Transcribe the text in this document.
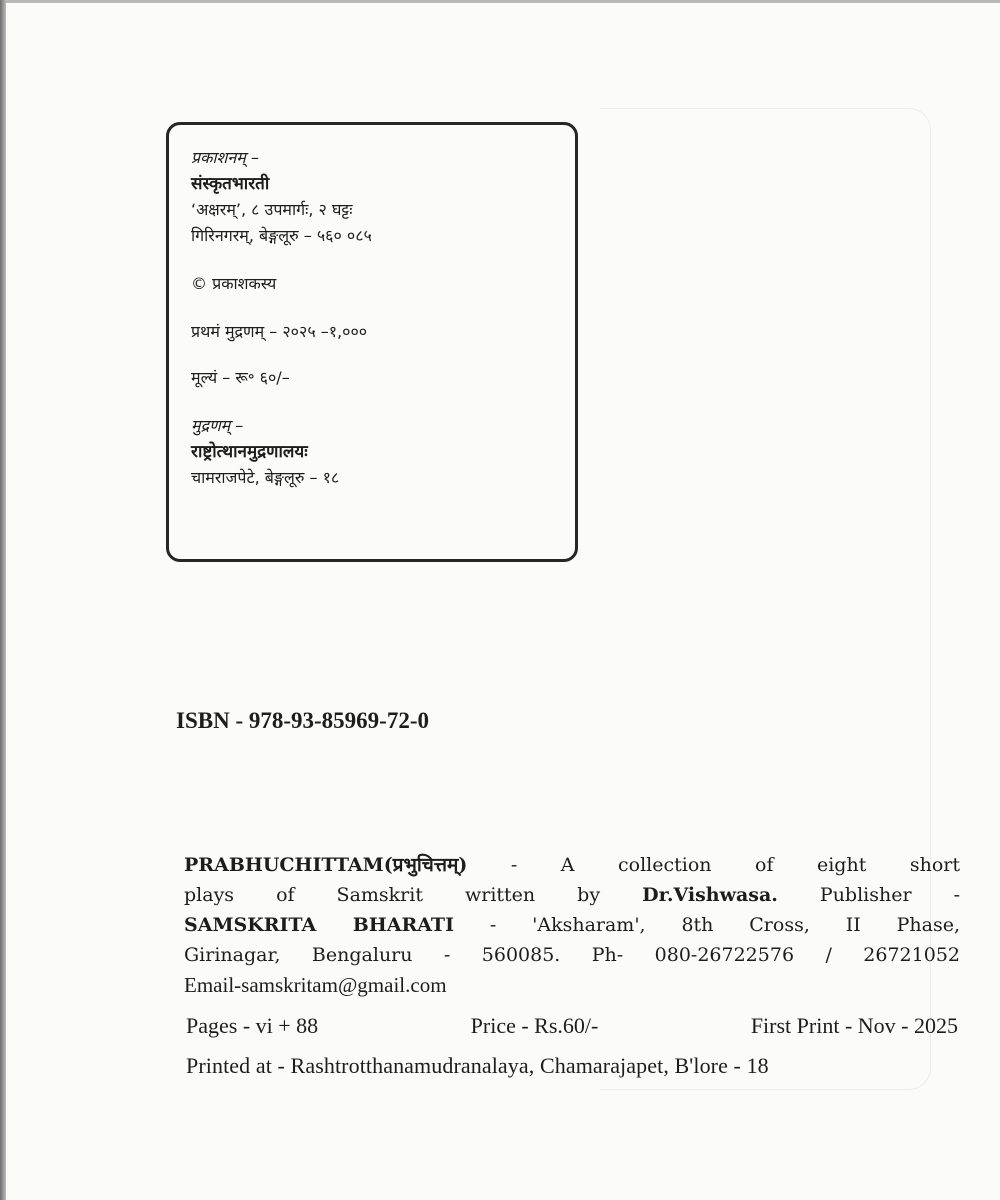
प्रकाशनम् –
संस्कृतभारती
‘अक्षरम्’, ८ उपमार्गः, २ घट्टः
गिरिनगरम्, बेङ्गलूरु – ५६० ०८५
© प्रकाशकस्य
प्रथमं मुद्रणम् – २०२५ –१,०००
मूल्यं – रू॰ ६०/–
मुद्रणम् –
राष्ट्रोत्थानमुद्रणालयः
चामराजपेटे, बेङ्गलूरु – १८
ISBN - 978-93-85969-72-0
PRABHUCHITTAM(प्रभुचित्तम्) - A collection of eight short
plays of Samskrit written by Dr.Vishwasa. Publisher -
SAMSKRITA BHARATI - 'Aksharam', 8th Cross, II Phase,
Girinagar, Bengaluru - 560085. Ph- 080-26722576 / 26721052
Email-samskritam@gmail.com
Pages - vi + 88	Price - Rs.60/-	First Print - Nov - 2025
Printed at - Rashtrotthanamudranalaya, Chamarajapet, B'lore - 18
